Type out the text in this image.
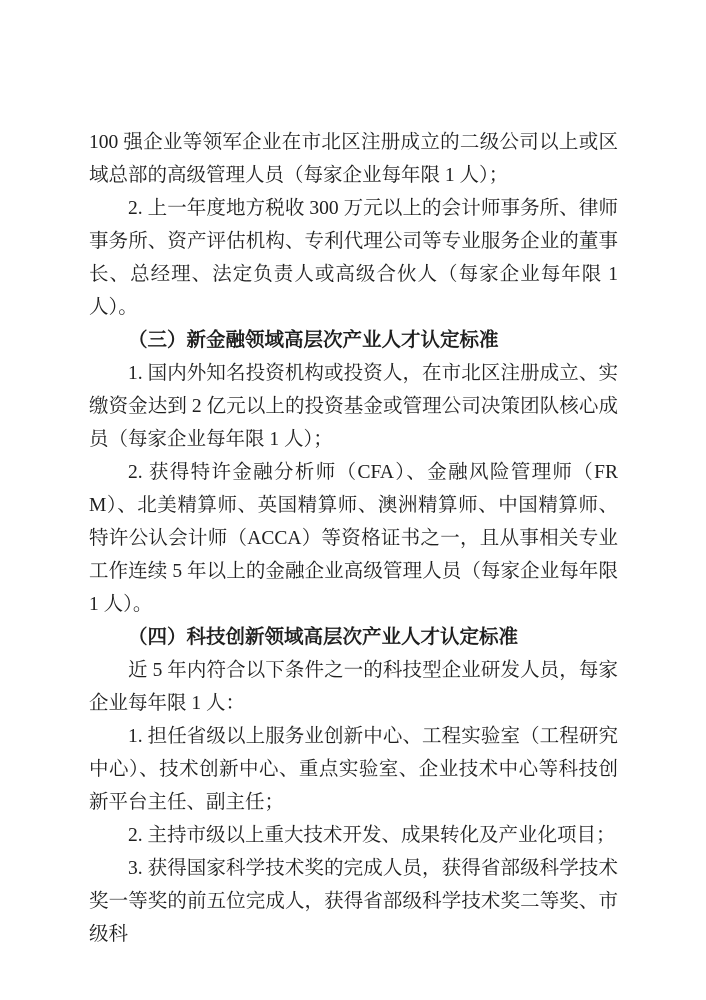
100 强企业等领军企业在市北区注册成立的二级公司以上或区域总部的高级管理人员（每家企业每年限 1 人）；

2. 上一年度地方税收 300 万元以上的会计师事务所、律师事务所、资产评估机构、专利代理公司等专业服务企业的董事长、总经理、法定负责人或高级合伙人（每家企业每年限 1 人）。

（三）新金融领域高层次产业人才认定标准

1. 国内外知名投资机构或投资人，在市北区注册成立、实缴资金达到 2 亿元以上的投资基金或管理公司决策团队核心成员（每家企业每年限 1 人）；

2. 获得特许金融分析师（CFA）、金融风险管理师（FRM）、北美精算师、英国精算师、澳洲精算师、中国精算师、特许公认会计师（ACCA）等资格证书之一，且从事相关专业工作连续 5 年以上的金融企业高级管理人员（每家企业每年限 1 人）。

（四）科技创新领域高层次产业人才认定标准

近 5 年内符合以下条件之一的科技型企业研发人员，每家企业每年限 1 人：

1. 担任省级以上服务业创新中心、工程实验室（工程研究中心）、技术创新中心、重点实验室、企业技术中心等科技创新平台主任、副主任；

2. 主持市级以上重大技术开发、成果转化及产业化项目；

3. 获得国家科学技术奖的完成人员，获得省部级科学技术奖一等奖的前五位完成人，获得省部级科学技术奖二等奖、市级科
